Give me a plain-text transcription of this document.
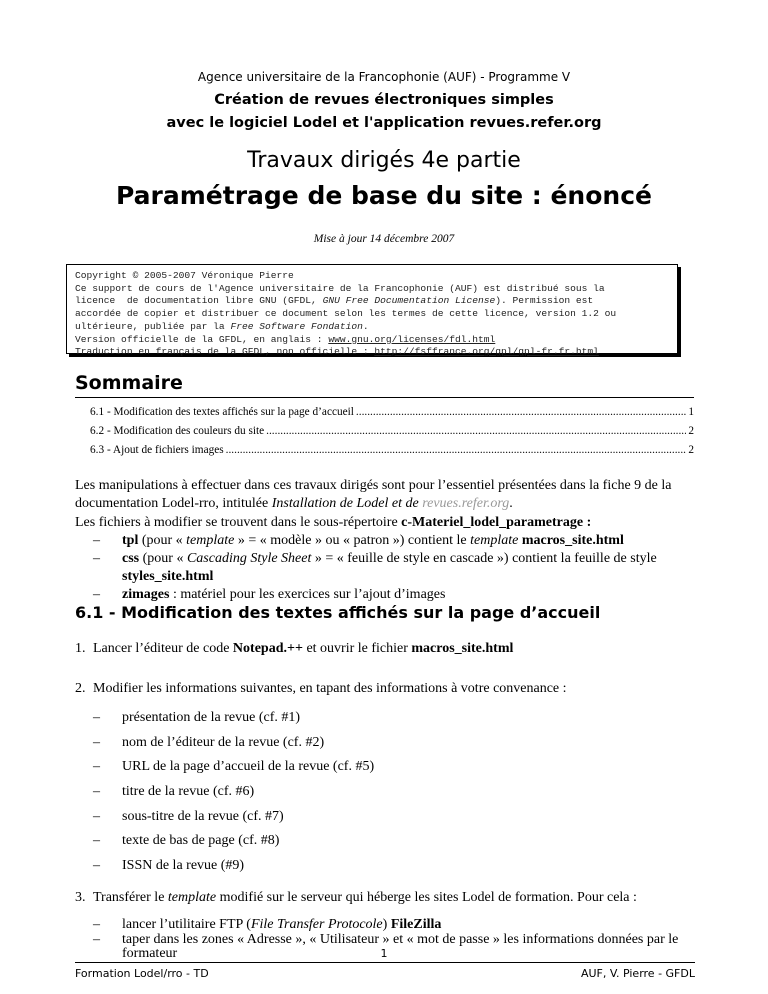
Agence universitaire de la Francophonie (AUF) - Programme V
Création de revues électroniques simples
avec le logiciel Lodel et l'application revues.refer.org
Travaux dirigés 4e partie
Paramétrage de base du site : énoncé
Mise à jour 14 décembre 2007
Copyright © 2005-2007 Véronique Pierre
Ce support de cours de l'Agence universitaire de la Francophonie (AUF) est distribué sous la
licence  de documentation libre GNU (GFDL, GNU Free Documentation License). Permission est
accordée de copier et distribuer ce document selon les termes de cette licence, version 1.2 ou
ultérieure, publiée par la Free Software Fondation.
Version officielle de la GFDL, en anglais : www.gnu.org/licenses/fdl.html
Traduction en français de la GFDL, non officielle : http://fsffrance.org/gpl/gpl-fr.fr.html
Sommaire
6.1 - Modification des textes affichés sur la page d’accueil .....	1
6.2 - Modification des couleurs du site .....	2
6.3 - Ajout de fichiers images .....	2
Les manipulations à effectuer dans ces travaux dirigés sont pour l’essentiel présentées dans la fiche 9 de la documentation Lodel-rro, intitulée Installation de Lodel et de revues.refer.org.
Les fichiers à modifier se trouvent dans le sous-répertoire c-Materiel_lodel_parametrage :
–	tpl (pour « template » = « modèle » ou « patron ») contient le template macros_site.html
–	css (pour « Cascading Style Sheet » = « feuille de style en cascade ») contient la feuille de style styles_site.html
–	zimages : matériel pour les exercices sur l’ajout d’images
6.1 - Modification des textes affichés sur la page d’accueil
1. Lancer l’éditeur de code Notepad.++ et ouvrir le fichier macros_site.html
2. Modifier les informations suivantes, en tapant des informations à votre convenance :
–	présentation de la revue (cf. #1)
–	nom de l’éditeur de la revue (cf. #2)
–	URL de la page d’accueil de la revue (cf. #5)
–	titre de la revue (cf. #6)
–	sous-titre de la revue (cf. #7)
–	texte de bas de page (cf. #8)
–	ISSN de la revue (#9)
3. Transférer le template modifié sur le serveur qui héberge les sites Lodel de formation. Pour cela :
–	lancer l’utilitaire FTP (File Transfer Protocole) FileZilla
–	taper dans les zones « Adresse », « Utilisateur » et « mot de passe » les informations données par le formateur	1
Formation Lodel/rro - TD	AUF, V. Pierre - GFDL
